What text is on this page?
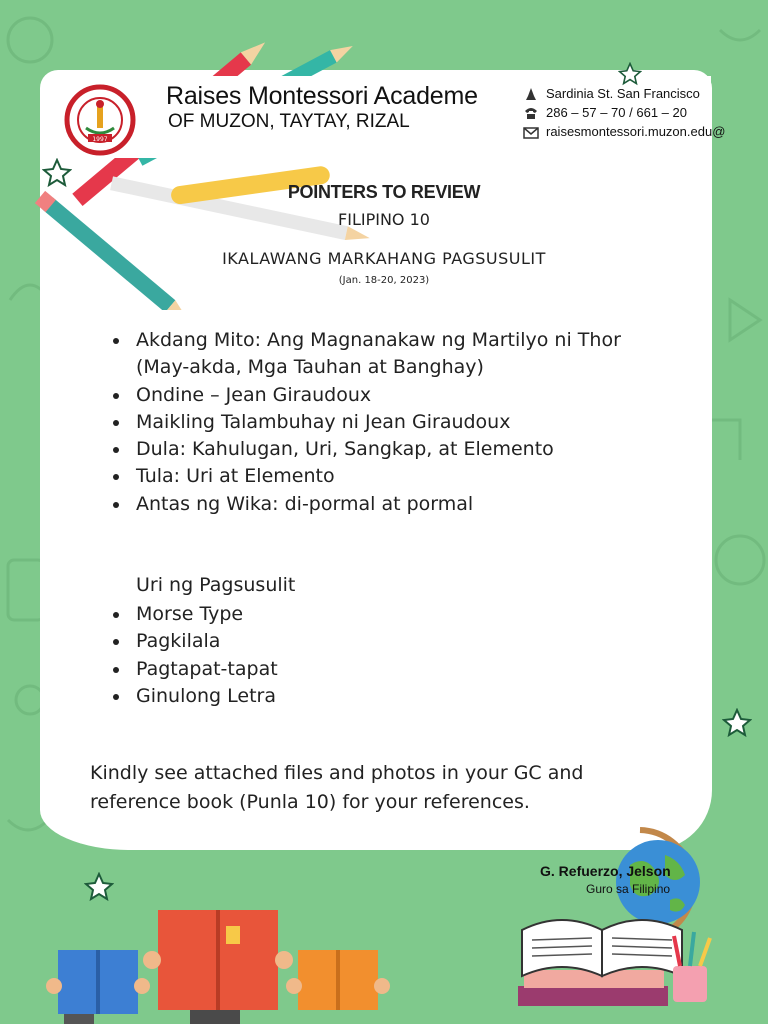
1997
Raises Montessori Academe
OF MUZON, TAYTAY, RIZAL
Sardinia St. San Francisco
286 – 57 – 70 / 661 – 20
raisesmontessori.muzon.edu@
POINTERS TO REVIEW
FILIPINO 10
IKALAWANG MARKAHANG PAGSUSULIT
(Jan. 18-20, 2023)
Akdang Mito: Ang Magnanakaw ng Martilyo ni Thor (May-akda, Mga Tauhan at Banghay)
Ondine – Jean Giraudoux
Maikling Talambuhay ni Jean Giraudoux
Dula: Kahulugan, Uri, Sangkap, at Elemento
Tula: Uri at Elemento
Antas ng Wika: di-pormal at pormal
Uri ng Pagsusulit
Morse Type
Pagkilala
Pagtapat-tapat
Ginulong Letra
Kindly see attached files and photos in your GC and reference book (Punla 10) for your references.
G. Refuerzo, Jelson
Guro sa Filipino
